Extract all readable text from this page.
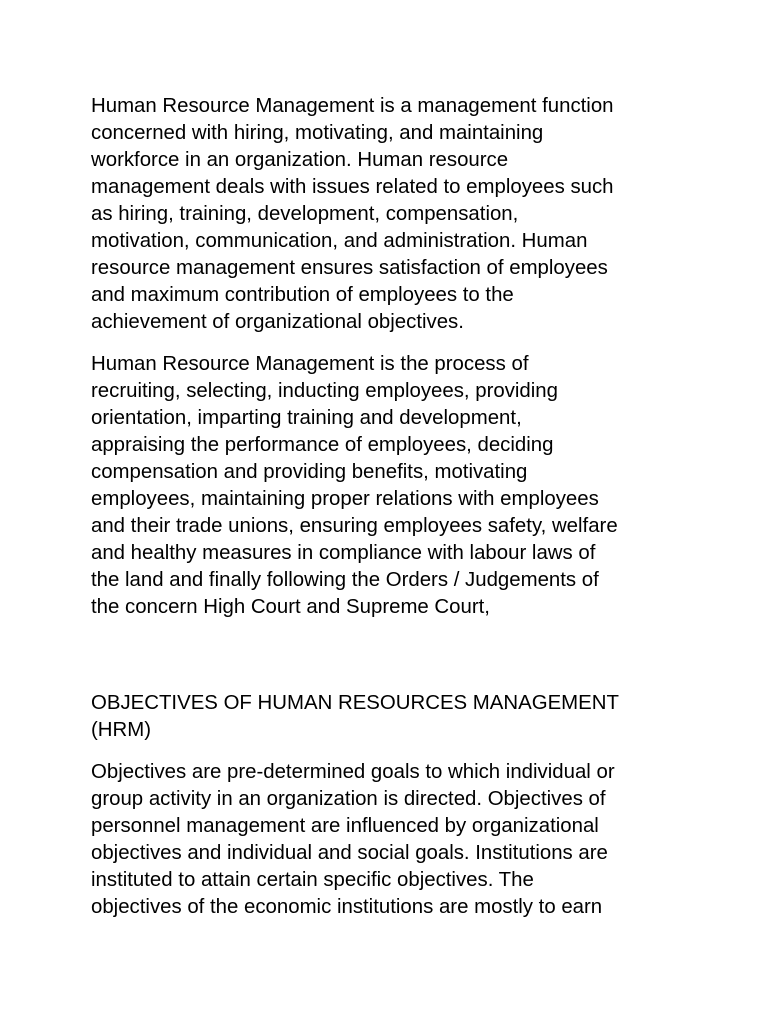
Human Resource Management is a management function
concerned with hiring, motivating, and maintaining
workforce in an organization. Human resource
management deals with issues related to employees such
as hiring, training, development, compensation,
motivation, communication, and administration. Human
resource management ensures satisfaction of employees
and maximum contribution of employees to the
achievement of organizational objectives.

Human Resource Management is the process of
recruiting, selecting, inducting employees, providing
orientation, imparting training and development,
appraising the performance of employees, deciding
compensation and providing benefits, motivating
employees, maintaining proper relations with employees
and their trade unions, ensuring employees safety, welfare
and healthy measures in compliance with labour laws of
the land and finally following the Orders / Judgements of
the concern High Court and Supreme Court,

OBJECTIVES OF HUMAN RESOURCES MANAGEMENT
(HRM)

Objectives are pre-determined goals to which individual or
group activity in an organization is directed. Objectives of
personnel management are influenced by organizational
objectives and individual and social goals. Institutions are
instituted to attain certain specific objectives. The
objectives of the economic institutions are mostly to earn
